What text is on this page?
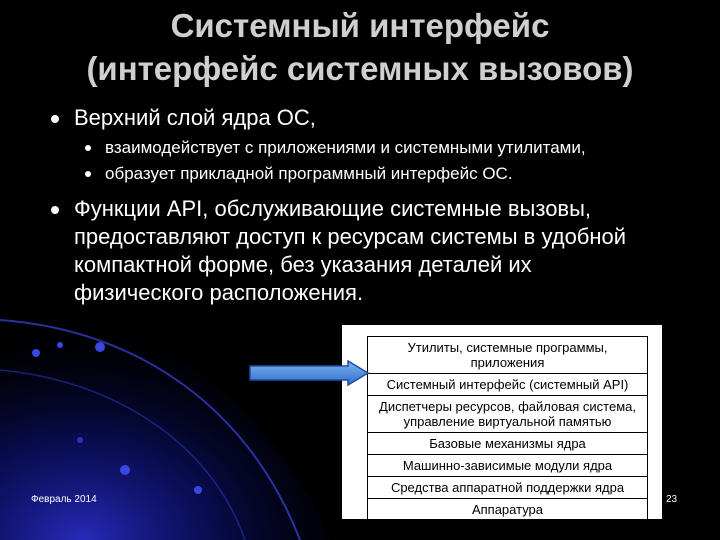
Системный интерфейс
(интерфейс системных вызовов)
Верхний слой ядра ОС,
взаимодействует с приложениями и системными утилитами,
образует прикладной программный интерфейс ОС.
Функции API, обслуживающие системные вызовы,
предоставляют доступ к ресурсам системы в удобной
компактной форме, без указания деталей их
физического расположения.
Утилиты, системные программы, приложения
Системный интерфейс (системный API)
Диспетчеры ресурсов, файловая система,
управление виртуальной памятью
Базовые механизмы ядра
Машинно-зависимые модули ядра
Средства аппаратной поддержки ядра
Аппаратура
Февраль 2014	23
